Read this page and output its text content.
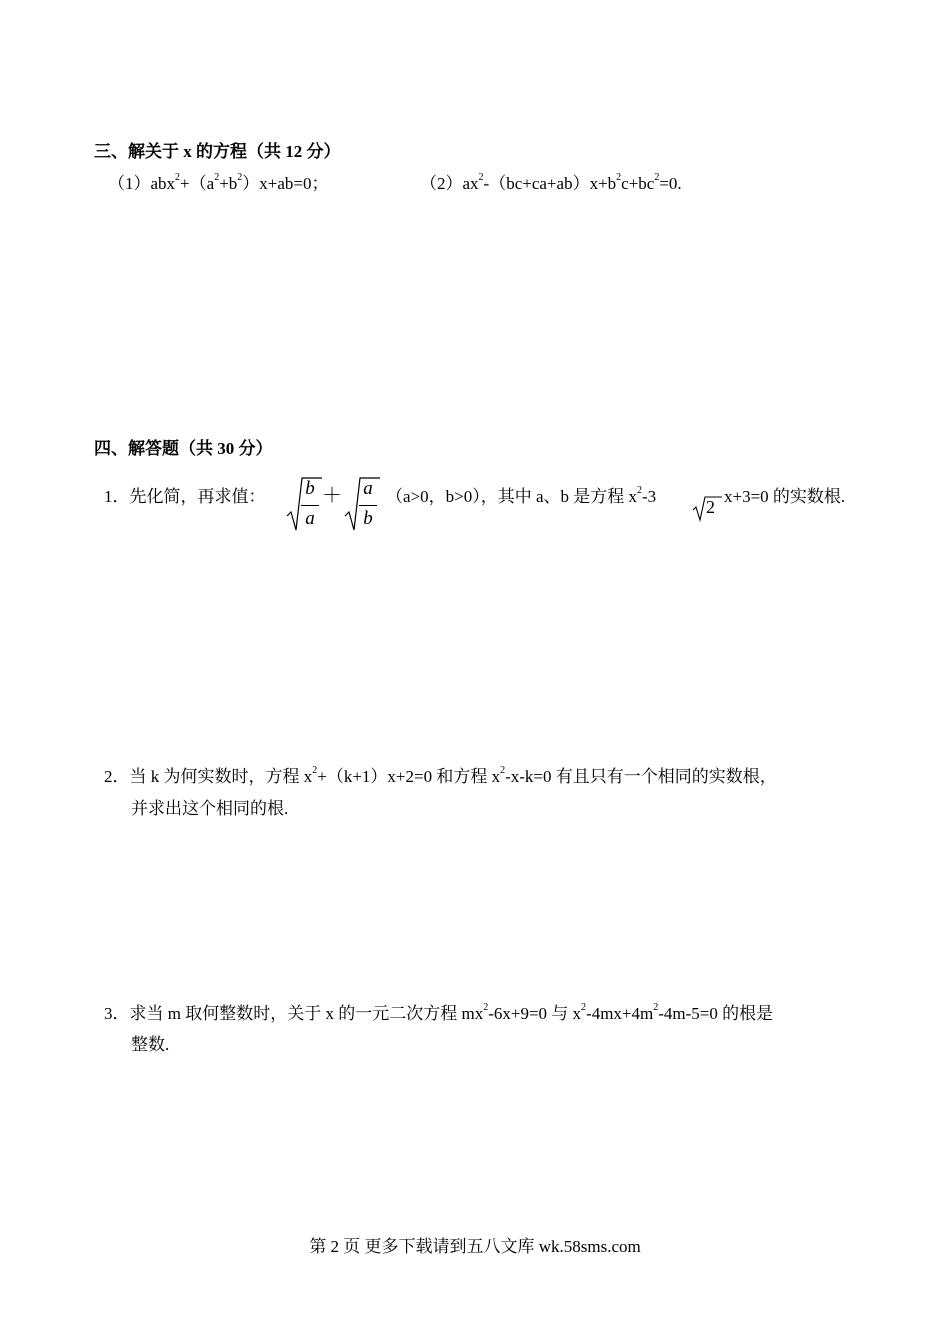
三、解关于 x 的方程（共 12 分）
$(1)abx^2+(a^2+b^2)x+ab=0$；	$(2)ax^2-(bc+ca+ab)x+b^2c+bc^2=0$.
四、解答题（共 30 分）
1．先化简，再求值： b
a
＋ a
b
（a>0，b>0），其中 a、b 是方程 $x^2-3$
2
x+3=0 的实数根.
2．当 k 为何实数时，方程 $x^2+(k+1)x+2=0$ 和方程 $x^2-x-k=0$ 有且只有一个相同的实数根，
并求出这个相同的根.
3．求当 m 取何整数时，关于 x 的一元二次方程 $mx^2-6x+9=0$ 与 $x^2-4mx+4m^2-4m-5=0$ 的根是
整数.
第 2 页 更多下载请到五八文库 wk.58sms.com
